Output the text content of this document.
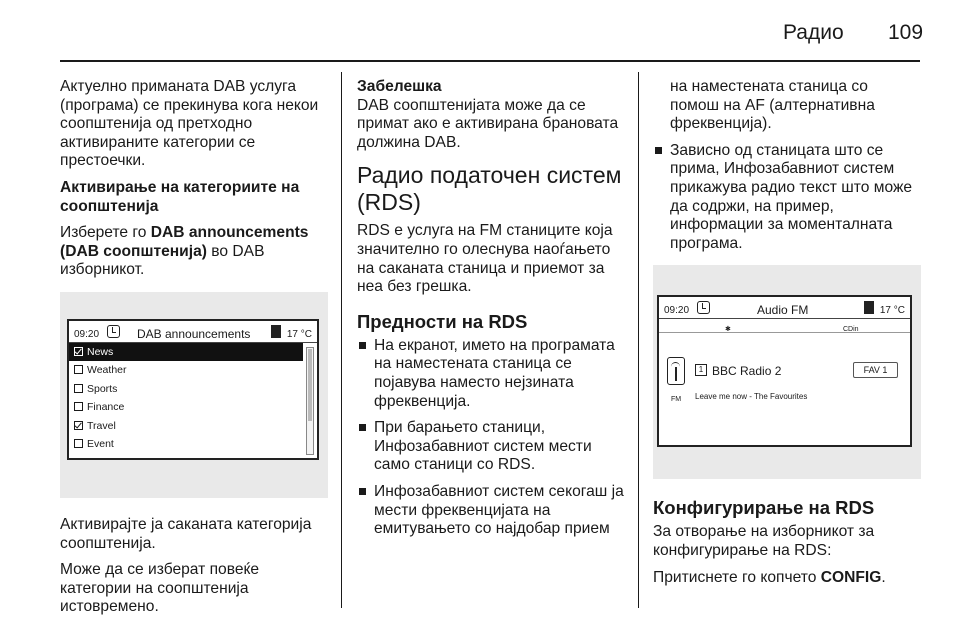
Радио 109
Актуелно приманата DAB услуга (програма) се прекинува кога некои соопштенија од претходно активираните категории се престоечки.
Активирање на категориите на соопштенија
Изберете го DAB announcements (DAB соопштенија) во DAB изборникот.
09:20	DAB announcements	17 °C
News
Weather
Sports
Finance
Travel
Event
Активирајте ја саканата категорија соопштенија.
Може да се изберат повеќе категории на соопштенија истовремено.
Забелешка
DAB соопштенијата може да се примат ако е активирана брановата должина DAB.
Радио податочен систем (RDS)
RDS е услуга на FM станиците која значително го олеснува наоѓањето на саканата станица и приемот за неа без грешка.
Предности на RDS
На екранот, името на програмата на наместената станица се појавува наместо нејзината фреквенција.
При барањето станици, Инфозабавниот систем мести само станици со RDS.
Инфозабавниот систем секогаш ја мести фреквенцијата на емитувањето со најдобар прием
на наместената станица со помош на AF (алтернативна фреквенција).
Зависно од станицата што се прима, Инфозабавниот систем прикажува радио текст што може да содржи, на пример, информации за моменталната програма.
09:20	Audio FM	17 °C
✱	CDin
FM
1 BBC Radio 2	FAV 1
Leave me now - The Favourites
Конфигурирање на RDS
За отворање на изборникот за конфигурирање на RDS:
Притиснете го копчето CONFIG.
